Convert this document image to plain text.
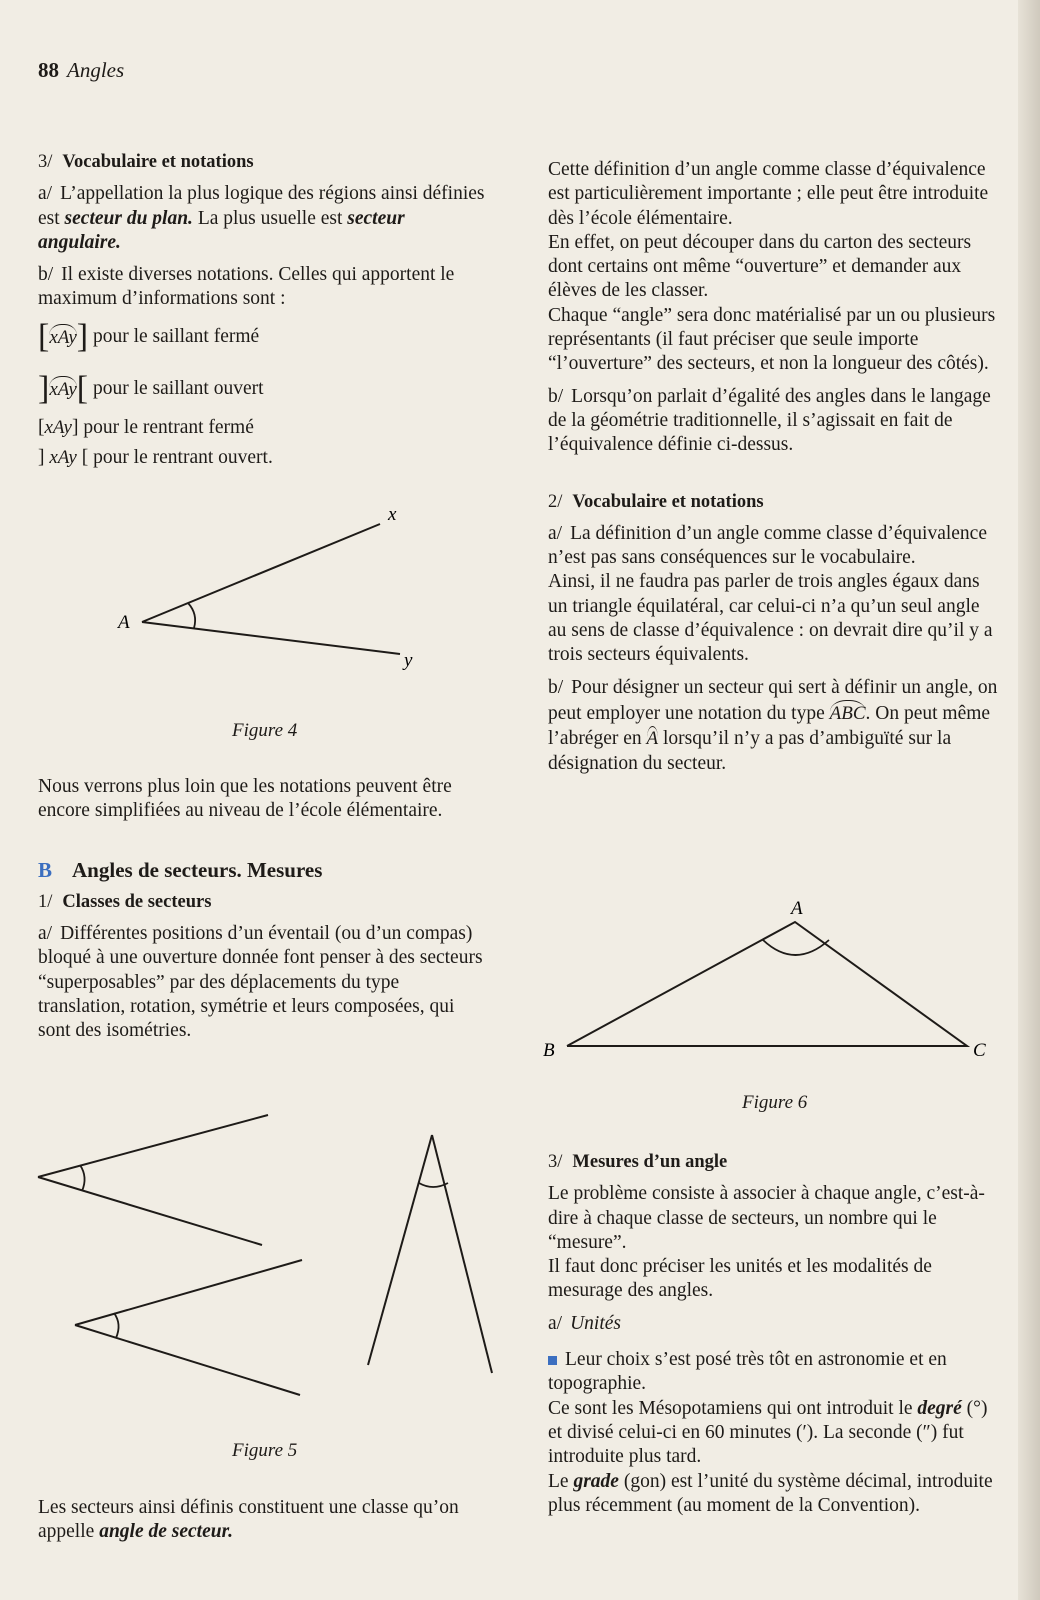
88 Angles
3/ Vocabulaire et notations

a/ L’appellation la plus logique des régions ainsi définies est secteur du plan. La plus usuelle est secteur angulaire.

b/ Il existe diverses notations. Celles qui apportent le maximum d’informations sont :

[ xAy ]
pour le saillant fermé
] xAy [
pour le saillant ouvert
[xAy] pour le rentrant fermé
] xAy [ pour le rentrant ouvert.
x
A
y
Figure 4

Nous verrons plus loin que les notations peuvent être encore simplifiées au niveau de l’école élémentaire.

B Angles de secteurs. Mesures
1/ Classes de secteurs

a/ Différentes positions d’un éventail (ou d’un compas) bloqué à une ouverture donnée font penser à des secteurs “superposables” par des déplacements du type translation, rotation, symétrie et leurs composées, qui sont des isométries.

Figure 5

Les secteurs ainsi définis constituent une classe qu’on appelle angle de secteur.

Cette définition d’un angle comme classe d’équivalence est particulièrement importante ; elle peut être introduite dès l’école élémentaire.

En effet, on peut découper dans du carton des secteurs dont certains ont même “ouverture” et demander aux élèves de les classer.

Chaque “angle” sera donc matérialisé par un ou plusieurs représentants (il faut préciser que seule importe “l’ouverture” des secteurs, et non la longueur des côtés).

b/ Lorsqu’on parlait d’égalité des angles dans le langage de la géométrie traditionnelle, il s’agissait en fait de l’équivalence définie ci-dessus.

2/ Vocabulaire et notations

a/ La définition d’un angle comme classe d’équivalence n’est pas sans conséquences sur le vocabulaire.

Ainsi, il ne faudra pas parler de trois angles égaux dans un triangle équilatéral, car celui-ci n’a qu’un seul angle au sens de classe d’équivalence : on devrait dire qu’il y a trois secteurs équivalents.

b/ Pour désigner un secteur qui sert à définir un angle, on peut employer une notation du type ABC. On peut même l’abréger en A lorsqu’il n’y a pas d’ambiguïté sur la désignation du secteur.

A
B	C
Figure 6
3/ Mesures d’un angle

Le problème consiste à associer à chaque angle, c’est-à-dire à chaque classe de secteurs, un nombre qui le “mesure”.

Il faut donc préciser les unités et les modalités de mesurage des angles.

a/ Unités

Leur choix s’est posé très tôt en astronomie et en topographie.

Ce sont les Mésopotamiens qui ont introduit le degré (°) et divisé celui-ci en 60 minutes (′). La seconde (″) fut introduite plus tard.

Le grade (gon) est l’unité du système décimal, introduite plus récemment (au moment de la Convention).
